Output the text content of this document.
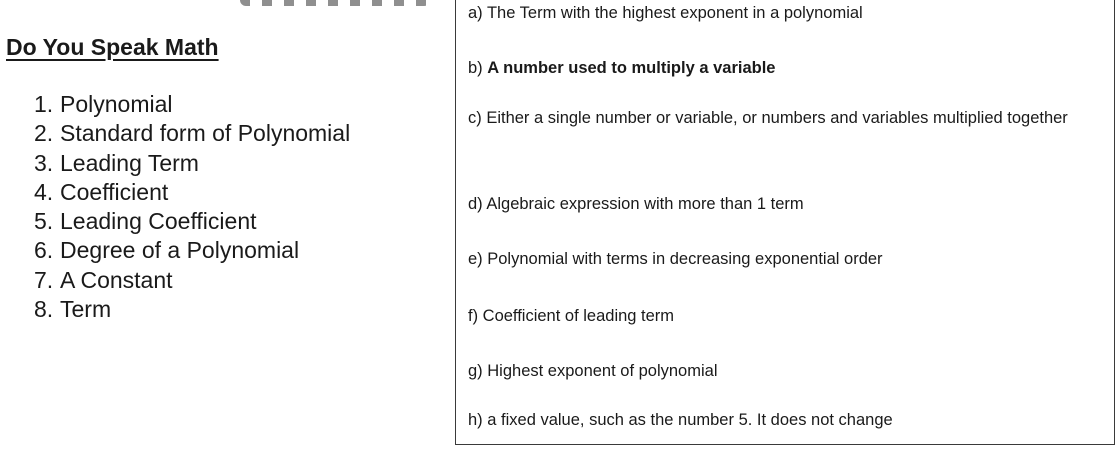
Do You Speak Math
1. Polynomial
2. Standard form of Polynomial
3. Leading Term
4. Coefficient
5. Leading Coefficient
6. Degree of a Polynomial
7. A Constant
8. Term
a) The Term with the highest exponent in a polynomial
b) A number used to multiply a variable
c) Either a single number or variable, or numbers and variables multiplied together
d) Algebraic expression with more than 1 term
e) Polynomial with terms in decreasing exponential order
f) Coefficient of leading term
g) Highest exponent of polynomial
h) a fixed value, such as the number 5. It does not change
